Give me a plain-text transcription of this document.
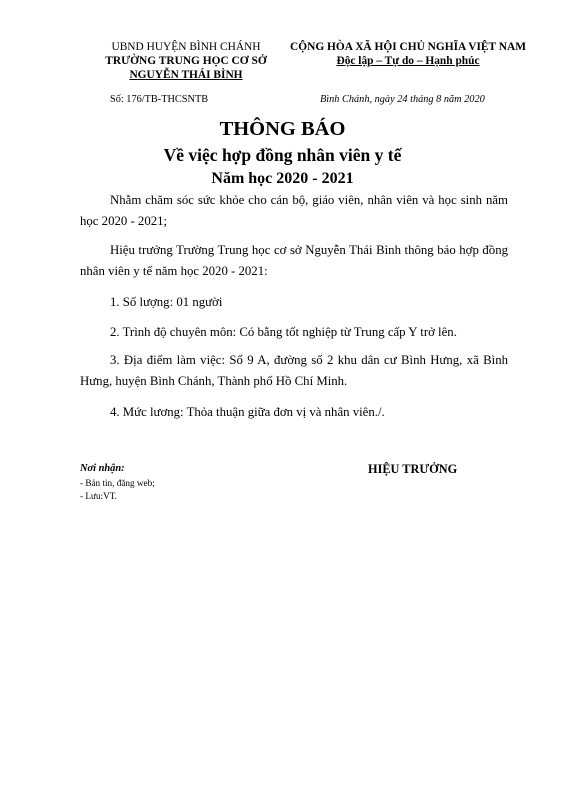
UBND HUYỆN BÌNH CHÁNH
TRƯỜNG TRUNG HỌC CƠ SỞ
NGUYỄN THÁI BÌNH
CỘNG HÒA XÃ HỘI CHỦ NGHĨA VIỆT NAM
Độc lập – Tự do – Hạnh phúc
Số: 176/TB-THCSNTB	Bình Chánh, ngày 24 tháng 8 năm 2020
THÔNG BÁO
Về việc hợp đồng nhân viên y tế
Năm học 2020 - 2021
Nhằm chăm sóc sức khỏe cho cán bộ, giáo viên, nhân viên và học sinh năm học 2020 - 2021;
Hiệu trưởng Trường Trung học cơ sở Nguyễn Thái Bình thông báo hợp đồng nhân viên y tế năm học 2020 - 2021:
1. Số lượng: 01 người
2. Trình độ chuyên môn: Có bằng tốt nghiệp từ Trung cấp Y trở lên.
3. Địa điểm làm việc: Số 9 A, đường số 2 khu dân cư Bình Hưng, xã Bình Hưng, huyện Bình Chánh, Thành phố Hồ Chí Minh.
4. Mức lương: Thỏa thuận giữa đơn vị và nhân viên./.
Nơi nhận:
- Bản tin, đăng web;
- Lưu:VT.
HIỆU TRƯỞNG
